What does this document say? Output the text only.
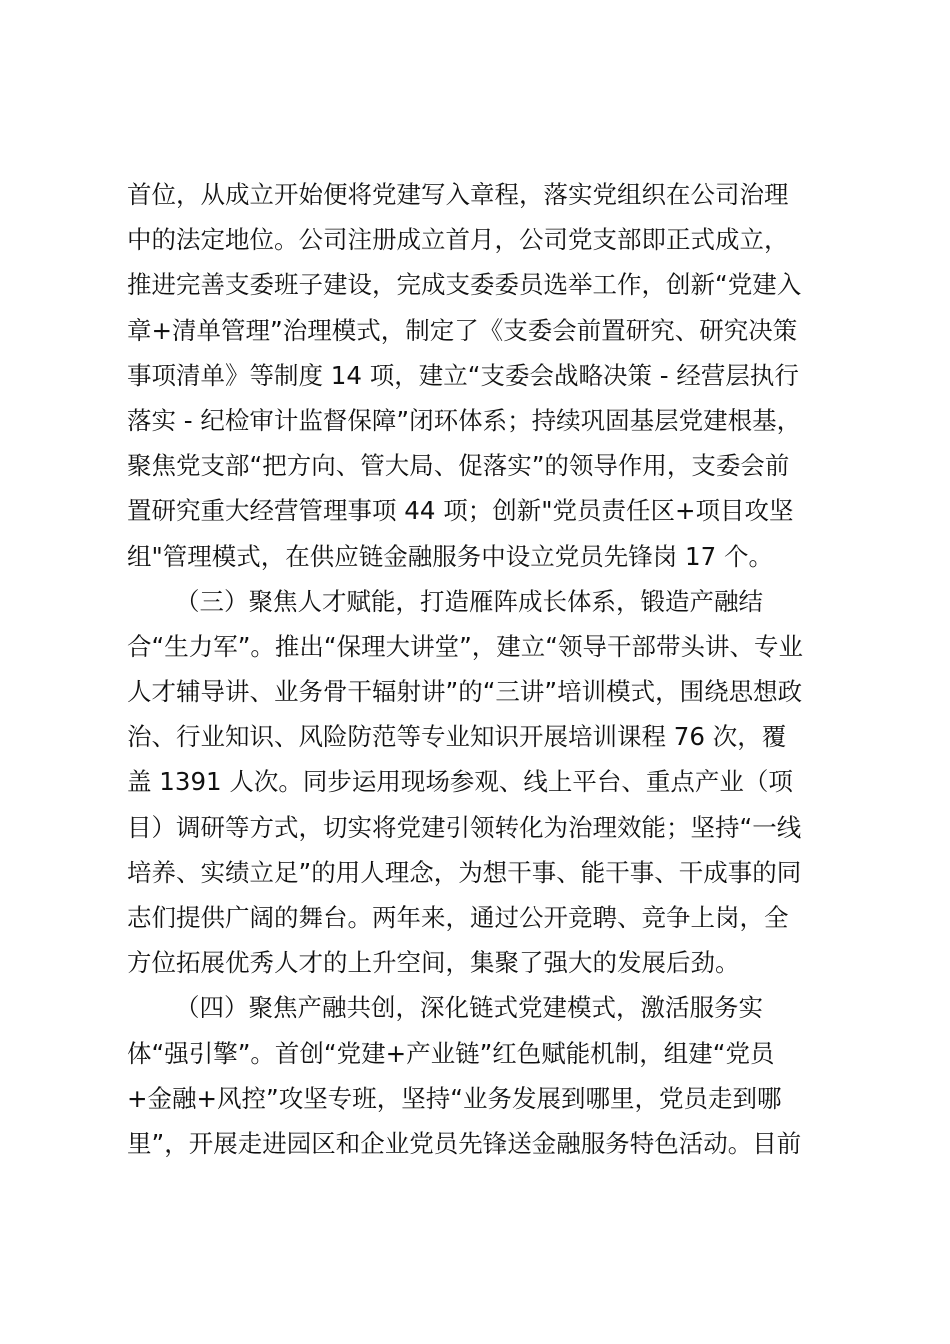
首位，从成立开始便将党建写入章程，落实党组织在公司治理
中的法定地位。公司注册成立首月，公司党支部即正式成立，
推进完善支委班子建设，完成支委委员选举工作，创新“党建入
章+清单管理”治理模式，制定了《支委会前置研究、研究决策
事项清单》等制度 14 项，建立“支委会战略决策 - 经营层执行
落实 - 纪检审计监督保障”闭环体系；持续巩固基层党建根基，
聚焦党支部“把方向、管大局、促落实”的领导作用，支委会前
置研究重大经营管理事项 44 项；创新"党员责任区+项目攻坚
组"管理模式，在供应链金融服务中设立党员先锋岗 17 个。
（三）聚焦人才赋能，打造雁阵成长体系，锻造产融结
合“生力军”。推出“保理大讲堂”，建立“领导干部带头讲、专业
人才辅导讲、业务骨干辐射讲”的“三讲”培训模式，围绕思想政
治、行业知识、风险防范等专业知识开展培训课程 76 次，覆
盖 1391 人次。同步运用现场参观、线上平台、重点产业（项
目）调研等方式，切实将党建引领转化为治理效能；坚持“一线
培养、实绩立足”的用人理念，为想干事、能干事、干成事的同
志们提供广阔的舞台。两年来，通过公开竞聘、竞争上岗，全
方位拓展优秀人才的上升空间，集聚了强大的发展后劲。
（四）聚焦产融共创，深化链式党建模式，激活服务实
体“强引擎”。首创“党建+产业链”红色赋能机制，组建“党员
+金融+风控”攻坚专班，坚持“业务发展到哪里，党员走到哪
里”，开展走进园区和企业党员先锋送金融服务特色活动。目前
